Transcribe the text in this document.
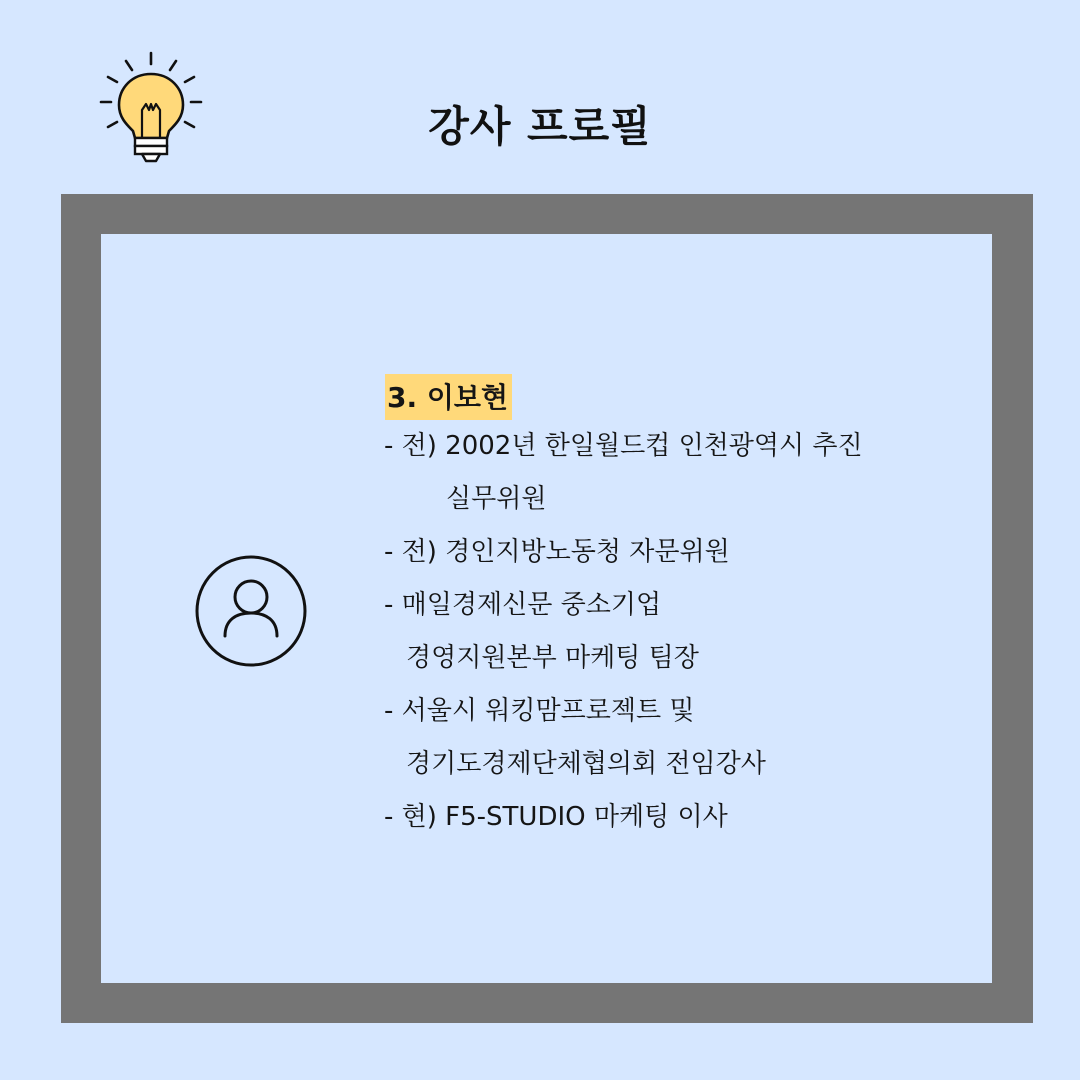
강사 프로필
3. 이보현
- 전) 2002년 한일월드컵 인천광역시 추진
실무위원
- 전) 경인지방노동청 자문위원
- 매일경제신문 중소기업
경영지원본부 마케팅 팀장
- 서울시 워킹맘프로젝트 및
경기도경제단체협의회 전임강사
- 현) F5-STUDIO 마케팅 이사
